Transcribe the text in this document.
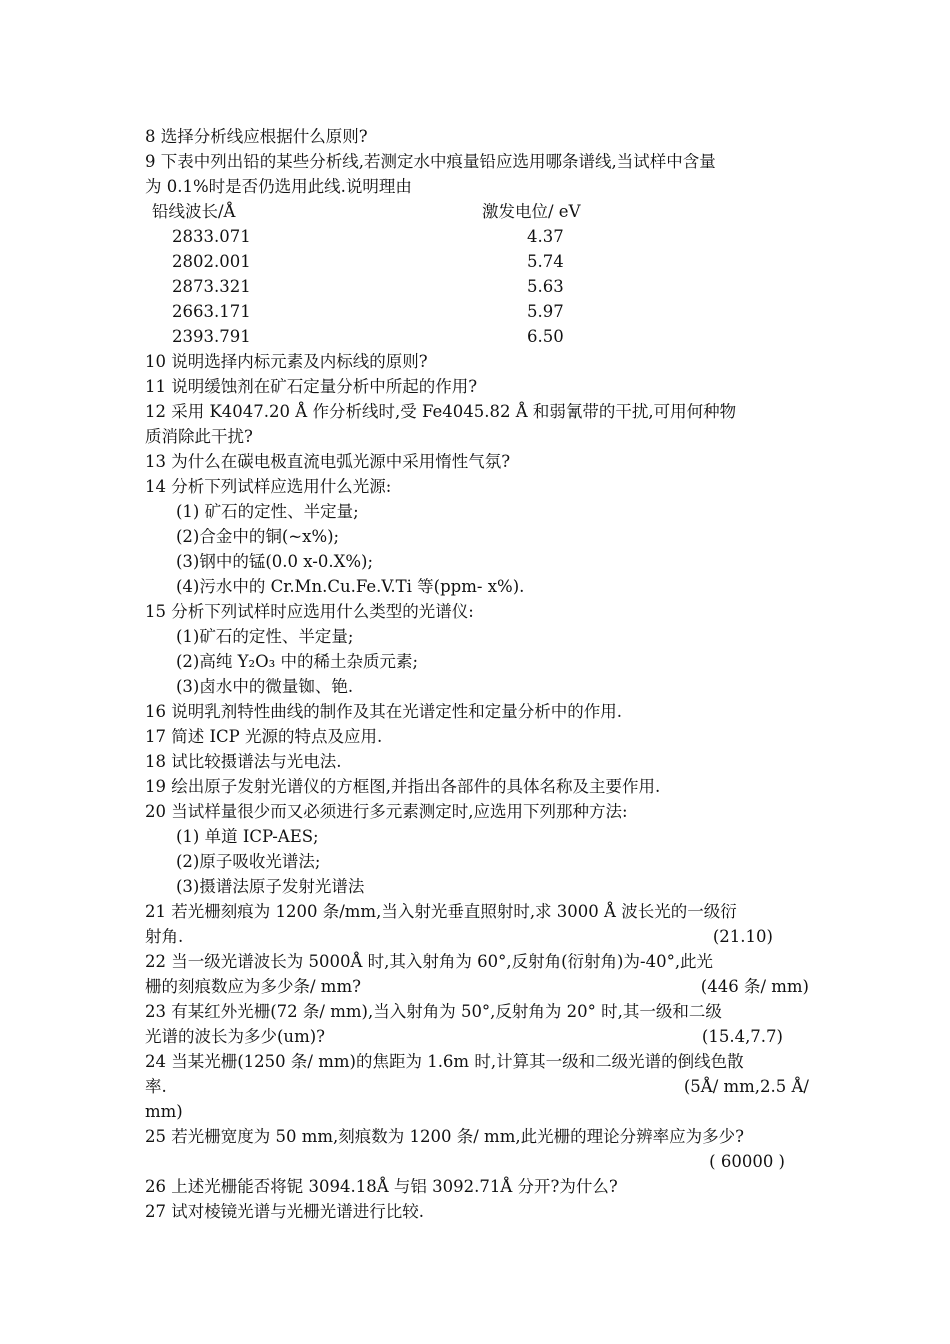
8 选择分析线应根据什么原则?
9 下表中列出铅的某些分析线,若测定水中痕量铅应选用哪条谱线,当试样中含量
为 0.1%时是否仍选用此线.说明理由
铅线波长/Å	激发电位/ eV
2833.071	4.37
2802.001	5.74
2873.321	5.63
2663.171	5.97
2393.791	6.50
10 说明选择内标元素及内标线的原则?
11 说明缓蚀剂在矿石定量分析中所起的作用?
12 采用 K4047.20 Å 作分析线时,受 Fe4045.82 Å 和弱氰带的干扰,可用何种物
质消除此干扰?
13 为什么在碳电极直流电弧光源中采用惰性气氛?
14 分析下列试样应选用什么光源:
(1) 矿石的定性、半定量;
(2)合金中的铜(~x%);
(3)钢中的锰(0.0 x-0.X%);
(4)污水中的 Cr.Mn.Cu.Fe.V.Ti 等(ppm- x%).
15 分析下列试样时应选用什么类型的光谱仪:
(1)矿石的定性、半定量;
(2)高纯 Y₂O₃ 中的稀土杂质元素;
(3)卤水中的微量铷、铯.
16 说明乳剂特性曲线的制作及其在光谱定性和定量分析中的作用.
17 简述 ICP 光源的特点及应用.
18 试比较摄谱法与光电法.
19 绘出原子发射光谱仪的方框图,并指出各部件的具体名称及主要作用.
20 当试样量很少而又必须进行多元素测定时,应选用下列那种方法:
(1) 单道 ICP-AES;
(2)原子吸收光谱法;
(3)摄谱法原子发射光谱法
21 若光栅刻痕为 1200 条/mm,当入射光垂直照射时,求 3000 Å 波长光的一级衍
射角.	(21.10)
22 当一级光谱波长为 5000Å 时,其入射角为 60°,反射角(衍射角)为-40°,此光
栅的刻痕数应为多少条/ mm?	(446 条/ mm)
23 有某红外光栅(72 条/ mm),当入射角为 50°,反射角为 20° 时,其一级和二级
光谱的波长为多少(um)?	(15.4,7.7)
24 当某光栅(1250 条/ mm)的焦距为 1.6m 时,计算其一级和二级光谱的倒线色散
率.	(5Å/ mm,2.5 Å/
mm)
25 若光栅宽度为 50 mm,刻痕数为 1200 条/ mm,此光栅的理论分辨率应为多少?
( 60000 )
26 上述光栅能否将铌 3094.18Å 与铝 3092.71Å 分开?为什么?
27 试对棱镜光谱与光栅光谱进行比较.
